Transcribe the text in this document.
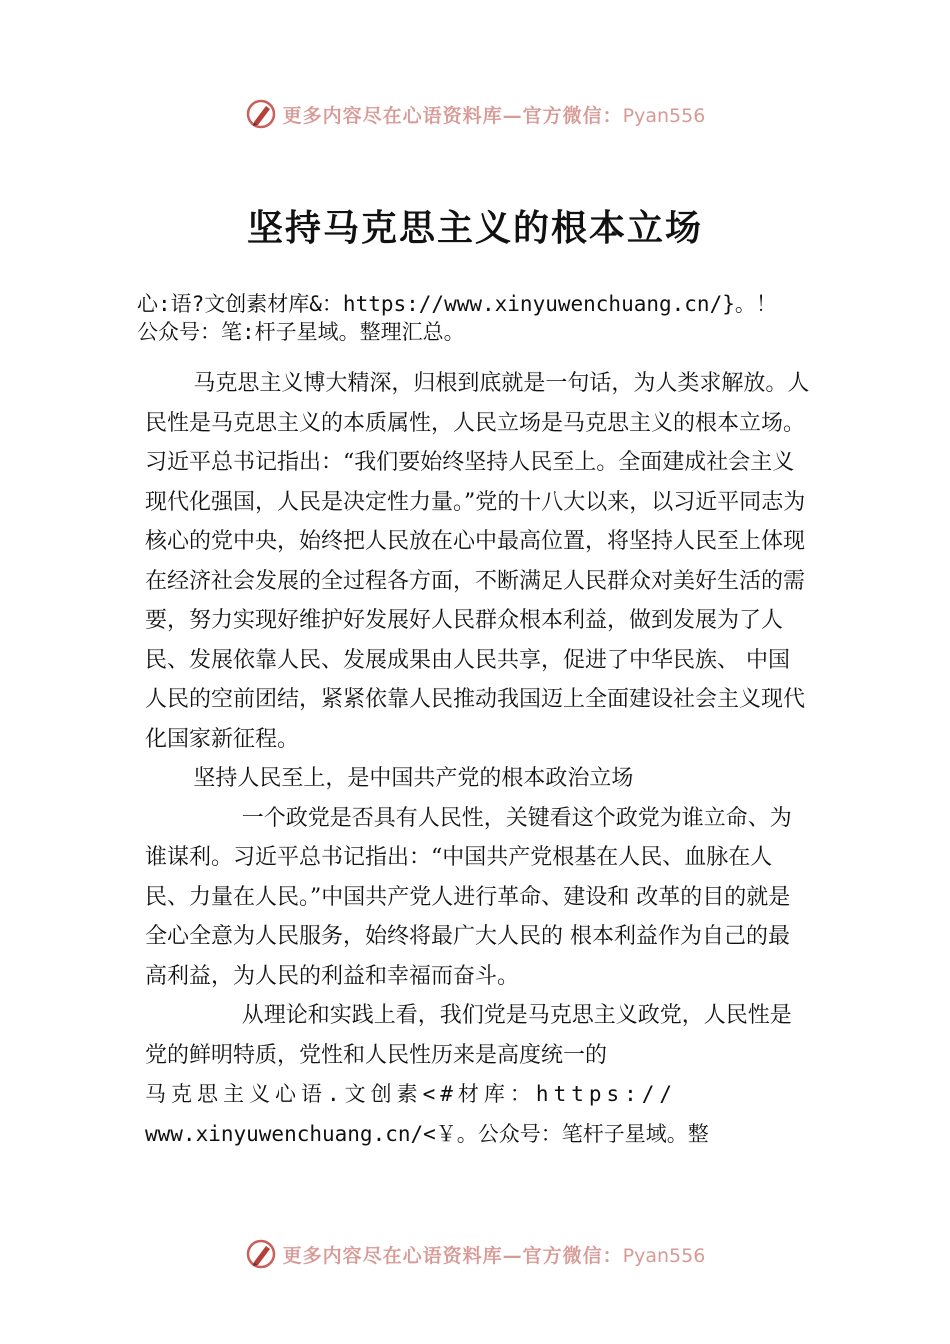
更多内容尽在心语资料库—官方微信：Pyan556
坚持马克思主义的根本立场
心:语?文创素材库&：https://www.xinyuwenchuang.cn/}。！
公众号：笔:杆子星域。整理汇总。

马克思主义博大精深，归根到底就是一句话，为人类求解放。人民性是马克思主义的本质属性，人民立场是马克思主义的根本立场。习近平总书记指出：“我们要始终坚持人民至上。全面建成社会主义现代化强国，人民是决定性力量。”党的十八大以来，以习近平同志为核心的党中央，始终把人民放在心中最高位置，将坚持人民至上体现在经济社会发展的全过程各方面，不断满足人民群众对美好生活的需要，努力实现好维护好发展好人民群众根本利益，做到发展为了人民、发展依靠人民、发展成果由人民共享，促进了中华民族、 中国人民的空前团结，紧紧依靠人民推动我国迈上全面建设社会主义现代化国家新征程。

坚持人民至上，是中国共产党的根本政治立场

一个政党是否具有人民性，关键看这个政党为谁立命、为谁谋利。习近平总书记指出：“中国共产党根基在人民、血脉在人民、力量在人民。”中国共产党人进行革命、建设和 改革的目的就是全心全意为人民服务，始终将最广大人民的 根本利益作为自己的最高利益，为人民的利益和幸福而奋斗。

从理论和实践上看，我们党是马克思主义政党，人民性是党的鲜明特质，党性和人民性历来是高度统一的

马克思主义心语.文创素<#材库：https://

www.xinyuwenchuang.cn/<￥。公众号：笔杆子星域。整

更多内容尽在心语资料库—官方微信：Pyan556
